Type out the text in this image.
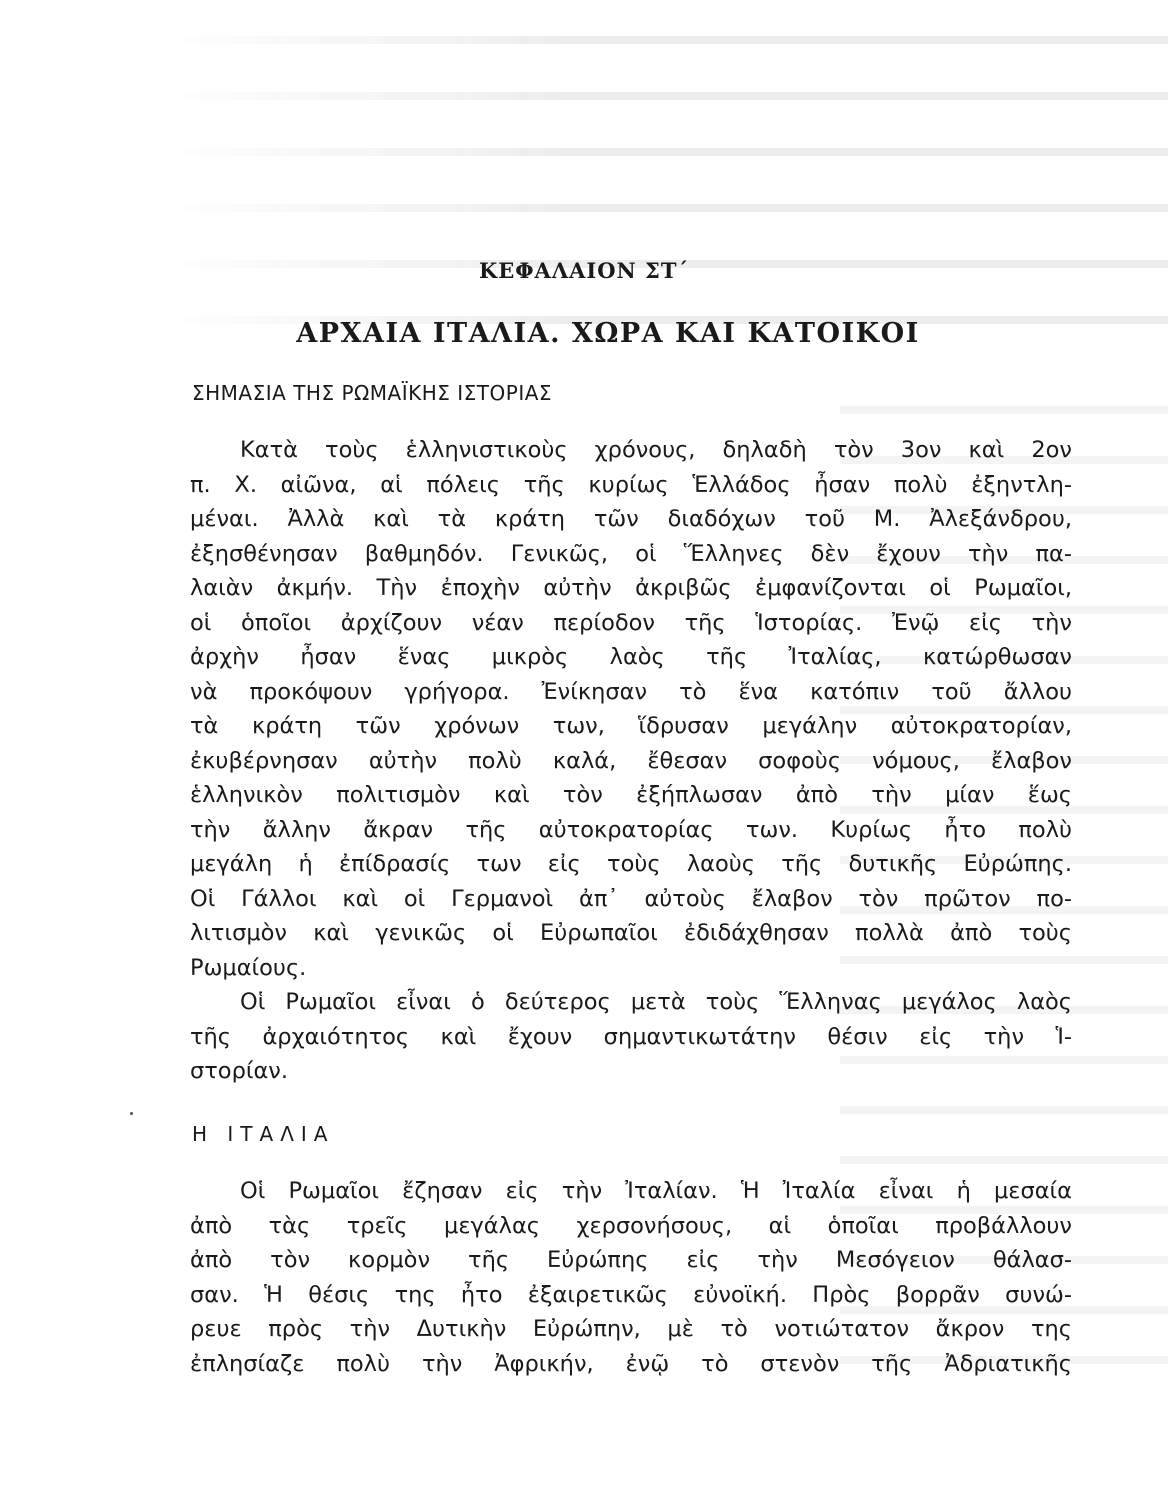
ΚΕΦΑΛΑΙΟΝ ΣΤ΄
ΑΡΧΑΙΑ ΙΤΑΛΙΑ. ΧΩΡΑ ΚΑΙ ΚΑΤΟΙΚΟΙ
ΣΗΜΑΣΙΑ ΤΗΣ ΡΩΜΑΪΚΗΣ ΙΣΤΟΡΙΑΣ

Κατὰ τοὺς ἑλληνιστικοὺς χρόνους, δηλαδὴ τὸν 3ον καὶ 2ον
π. Χ. αἰῶνα, αἱ πόλεις τῆς κυρίως Ἑλλάδος ἦσαν πολὺ ἐξηντλη-
μέναι. Ἀλλὰ καὶ τὰ κράτη τῶν διαδόχων τοῦ Μ. Ἀλεξάνδρου,
ἐξησθένησαν βαθμηδόν. Γενικῶς, οἱ Ἕλληνες δὲν ἔχουν τὴν πα-
λαιὰν ἀκμήν. Τὴν ἐποχὴν αὐτὴν ἀκριβῶς ἐμφανίζονται οἱ Ρωμαῖοι,
οἱ ὁποῖοι ἀρχίζουν νέαν περίοδον τῆς Ἱστορίας. Ἐνῷ εἰς τὴν
ἀρχὴν ἦσαν ἕνας μικρὸς λαὸς τῆς Ἰταλίας, κατώρθωσαν
νὰ προκόψουν γρήγορα. Ἐνίκησαν τὸ ἕνα κατόπιν τοῦ ἄλλου
τὰ κράτη τῶν χρόνων των, ἵδρυσαν μεγάλην αὐτοκρατορίαν,
ἐκυβέρνησαν αὐτὴν πολὺ καλά, ἔθεσαν σοφοὺς νόμους, ἔλαβον
ἑλληνικὸν πολιτισμὸν καὶ τὸν ἐξήπλωσαν ἀπὸ τὴν μίαν ἕως
τὴν ἄλλην ἄκραν τῆς αὐτοκρατορίας των. Κυρίως ἦτο πολὺ
μεγάλη ἡ ἐπίδρασίς των εἰς τοὺς λαοὺς τῆς δυτικῆς Εὐρώπης.
Οἱ Γάλλοι καὶ οἱ Γερμανοὶ ἀπ᾽ αὐτοὺς ἔλαβον τὸν πρῶτον πο-
λιτισμὸν καὶ γενικῶς οἱ Εὐρωπαῖοι ἐδιδάχθησαν πολλὰ ἀπὸ τοὺς
Ρωμαίους.
Οἱ Ρωμαῖοι εἶναι ὁ δεύτερος μετὰ τοὺς Ἕλληνας μεγάλος λαὸς
τῆς ἀρχαιότητος καὶ ἔχουν σημαντικωτάτην θέσιν εἰς τὴν Ἱ-
στορίαν.

Η ΙΤΑΛΙΑ

Οἱ Ρωμαῖοι ἔζησαν εἰς τὴν Ἰταλίαν. Ἡ Ἰταλία εἶναι ἡ μεσαία
ἀπὸ τὰς τρεῖς μεγάλας χερσονήσους, αἱ ὁποῖαι προβάλλουν
ἀπὸ τὸν κορμὸν τῆς Εὐρώπης εἰς τὴν Μεσόγειον θάλασ-
σαν. Ἡ θέσις της ἦτο ἐξαιρετικῶς εὐνοϊκή. Πρὸς βορρᾶν συνώ-
ρευε πρὸς τὴν Δυτικὴν Εὐρώπην, μὲ τὸ νοτιώτατον ἄκρον της
ἐπλησίαζε πολὺ τὴν Ἀφρικήν, ἐνῷ τὸ στενὸν τῆς Ἀδριατικῆς
